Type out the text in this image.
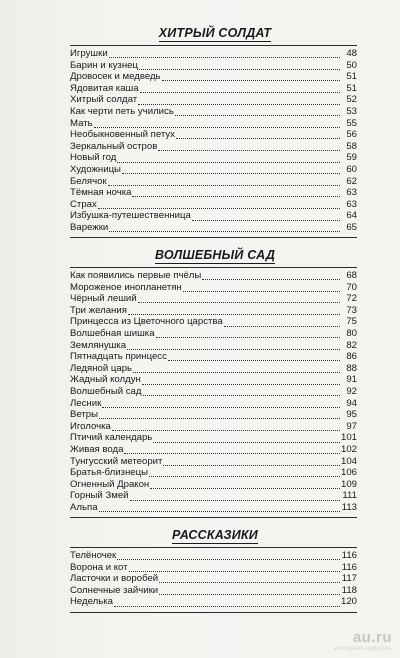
ХИТРЫЙ СОЛДАТ
Игрушки	48
Барин и кузнец	50
Дровосек и медведь	51
Ядовитая каша	51
Хитрый солдат	52
Как черти петь учились	53
Мать	55
Необыкновенный петух	56
Зеркальный остров	58
Новый год	59
Художницы	60
Белячок	62
Тёмная ночка	63
Страх	63
Избушка-путешественница	64
Варежки	65
ВОЛШЕБНЫЙ САД
Как появились первые пчёлы	68
Мороженое инопланетян	70
Чёрный леший	72
Три желания	73
Принцесса из Цветочного царства	75
Волшебная шишка	80
Землянушка	82
Пятнадцать принцесс	86
Ледяной царь	88
Жадный колдун	91
Волшебный сад	92
Лесник	94
Ветры	95
Иголочка	97
Птичий календарь	101
Живая вода	102
Тунгусский метеорит	104
Братья-близнецы	106
Огненный Дракон	109
Горный Змей	111
Альпа	113
РАССКАЗИКИ
Телёночек	116
Ворона и кот	116
Ласточки и воробей	117
Солнечные зайчики	118
Неделька	120
au.ru
интернет-аукцион
